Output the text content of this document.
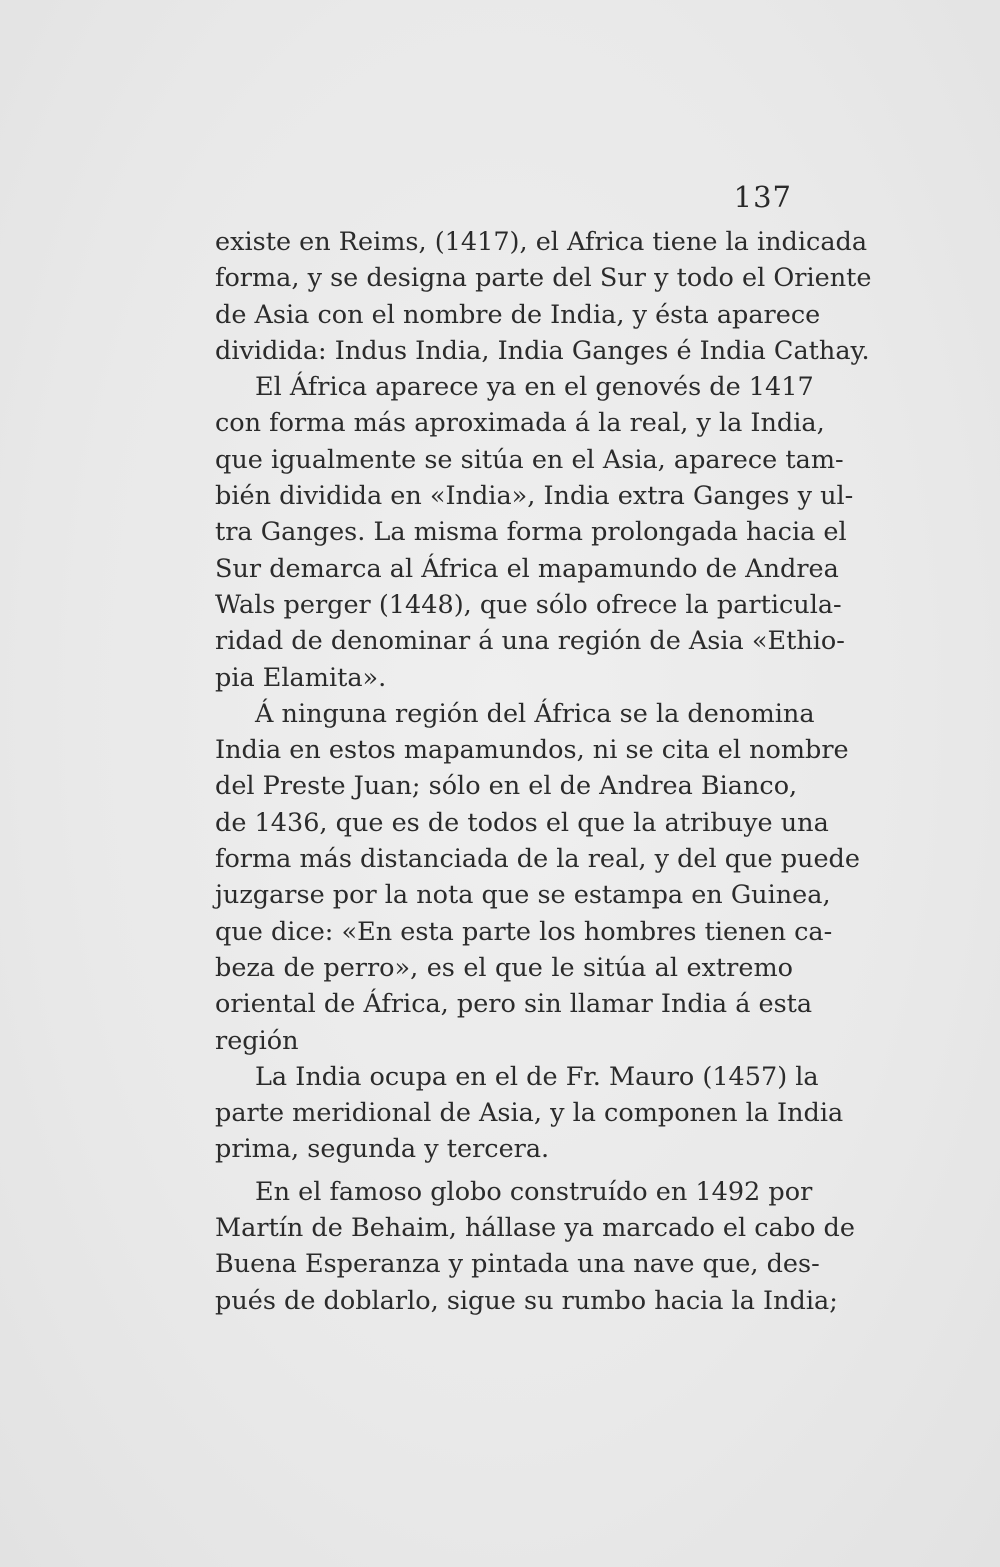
137
existe en Reims, (1417), el Africa tiene la indicada
forma, y se designa parte del Sur y todo el Oriente
de Asia con el nombre de India, y ésta aparece
dividida: Indus India, India Ganges é India Cathay.
El África aparece ya en el genovés de 1417
con forma más aproximada á la real, y la India,
que igualmente se sitúa en el Asia, aparece tam-
bién dividida en «India», India extra Ganges y ul-
tra Ganges. La misma forma prolongada hacia el
Sur demarca al África el mapamundo de Andrea
Wals perger (1448), que sólo ofrece la particula-
ridad de denominar á una región de Asia «Ethio-
pia Elamita».
Á ninguna región del África se la denomina
India en estos mapamundos, ni se cita el nombre
del Preste Juan; sólo en el de Andrea Bianco,
de 1436, que es de todos el que la atribuye una
forma más distanciada de la real, y del que puede
juzgarse por la nota que se estampa en Guinea,
que dice: «En esta parte los hombres tienen ca-
beza de perro», es el que le sitúa al extremo
oriental de África, pero sin llamar India á esta
región
La India ocupa en el de Fr. Mauro (1457) la
parte meridional de Asia, y la componen la India
prima, segunda y tercera.
En el famoso globo construído en 1492 por
Martín de Behaim, hállase ya marcado el cabo de
Buena Esperanza y pintada una nave que, des-
pués de doblarlo, sigue su rumbo hacia la India;
